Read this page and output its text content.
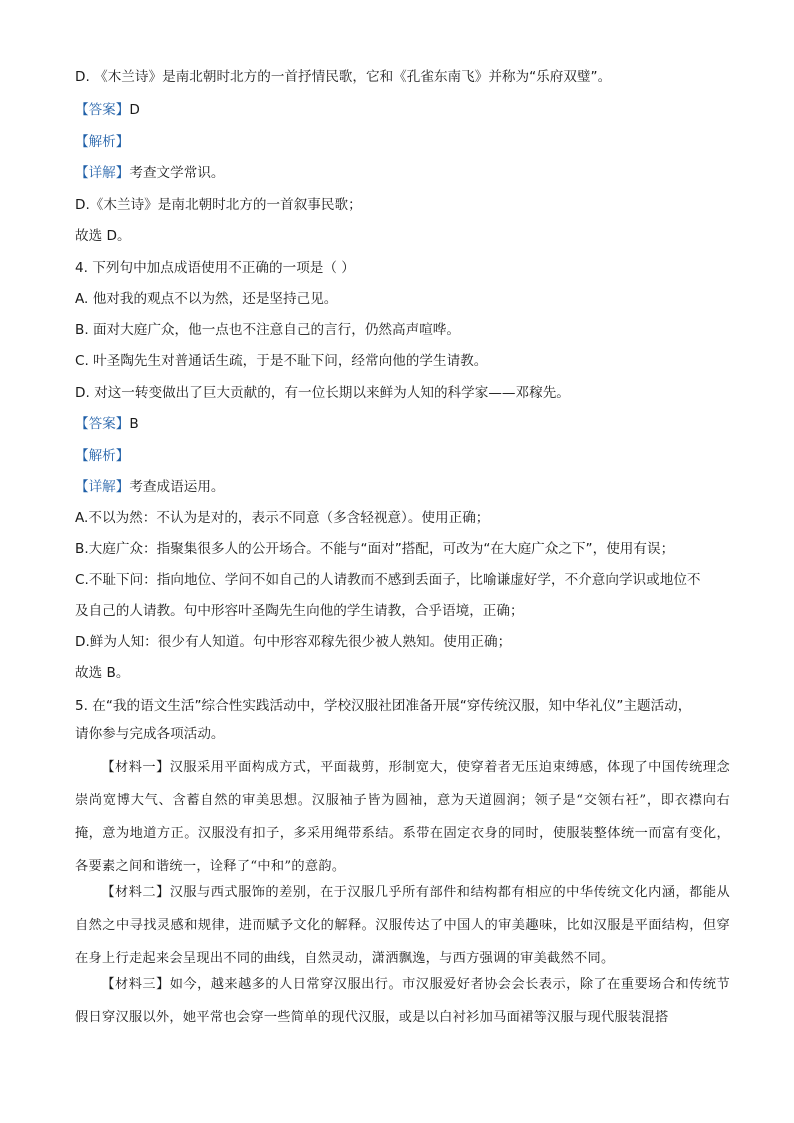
D. 《木兰诗》是南北朝时北方的一首抒情民歌，它和《孔雀东南飞》并称为“乐府双璧”。
【答案】D
【解析】
【详解】考查文学常识。
D.《木兰诗》是南北朝时北方的一首叙事民歌；
故选 D。
4. 下列句中加点成语使用不正确的一项是（ ）
A. 他对我的观点不以为然，还是坚持己见。
B. 面对大庭广众，他一点也不注意自己的言行，仍然高声喧哗。
C. 叶圣陶先生对普通话生疏，于是不耻下问，经常向他的学生请教。
D. 对这一转变做出了巨大贡献的，有一位长期以来鲜为人知的科学家——邓稼先。
【答案】B
【解析】
【详解】考查成语运用。
A.不以为然：不认为是对的，表示不同意（多含轻视意）。使用正确；
B.大庭广众：指聚集很多人的公开场合。不能与“面对”搭配，可改为“在大庭广众之下”，使用有误；
C.不耻下问：指向地位、学问不如自己的人请教而不感到丢面子，比喻谦虚好学，不介意向学识或地位不
及自己的人请教。句中形容叶圣陶先生向他的学生请教，合乎语境，正确；
D.鲜为人知：很少有人知道。句中形容邓稼先很少被人熟知。使用正确；
故选 B。
5. 在“我的语文生活”综合性实践活动中，学校汉服社团准备开展“穿传统汉服，知中华礼仪”主题活动，
请你参与完成各项活动。
【材料一】汉服采用平面构成方式，平面裁剪，形制宽大，使穿着者无压迫束缚感，体现了中国传统理念崇尚宽博大气、含蓄自然的审美思想。汉服袖子皆为圆袖，意为天道圆润；领子是“交领右衽”，即衣襟向右掩，意为地道方正。汉服没有扣子，多采用绳带系结。系带在固定衣身的同时，使服装整体统一而富有变化，各要素之间和谐统一，诠释了“中和”的意韵。
【材料二】汉服与西式服饰的差别，在于汉服几乎所有部件和结构都有相应的中华传统文化内涵，都能从自然之中寻找灵感和规律，进而赋予文化的解释。汉服传达了中国人的审美趣味，比如汉服是平面结构，但穿在身上行走起来会呈现出不同的曲线，自然灵动，潇洒飘逸，与西方强调的审美截然不同。
【材料三】如今，越来越多的人日常穿汉服出行。市汉服爱好者协会会长表示，除了在重要场合和传统节假日穿汉服以外，她平常也会穿一些简单的现代汉服，或是以白衬衫加马面裙等汉服与现代服装混搭
